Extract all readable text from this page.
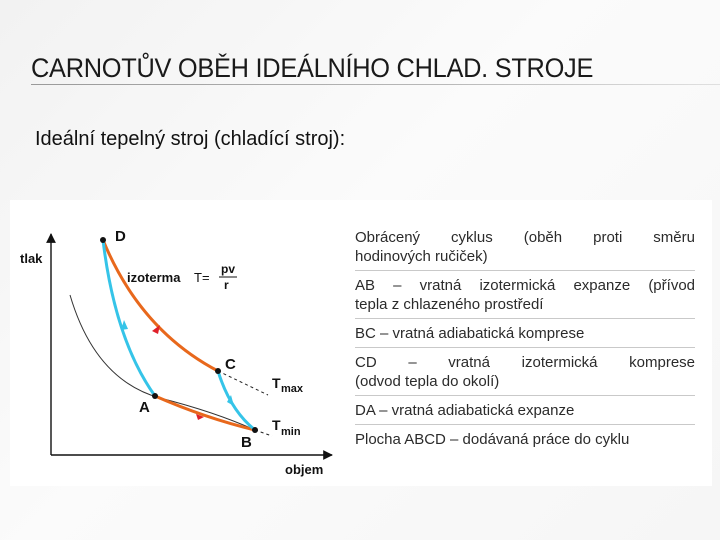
CARNOTŮV OBĚH IDEÁLNÍHO CHLAD. STROJE
Ideální tepelný stroj (chladící stroj):
tlak
objem
D
C
A
B
izoterma T=
pv
r
T max
T min
Obrácený cyklus (oběh proti směru
hodinových ručiček)
AB – vratná izotermická expanze (přívod
tepla z chlazeného prostředí
BC – vratná adiabatická komprese
CD – vratná izotermická komprese
(odvod tepla do okolí)
DA – vratná adiabatická expanze
Plocha ABCD – dodávaná práce do cyklu
